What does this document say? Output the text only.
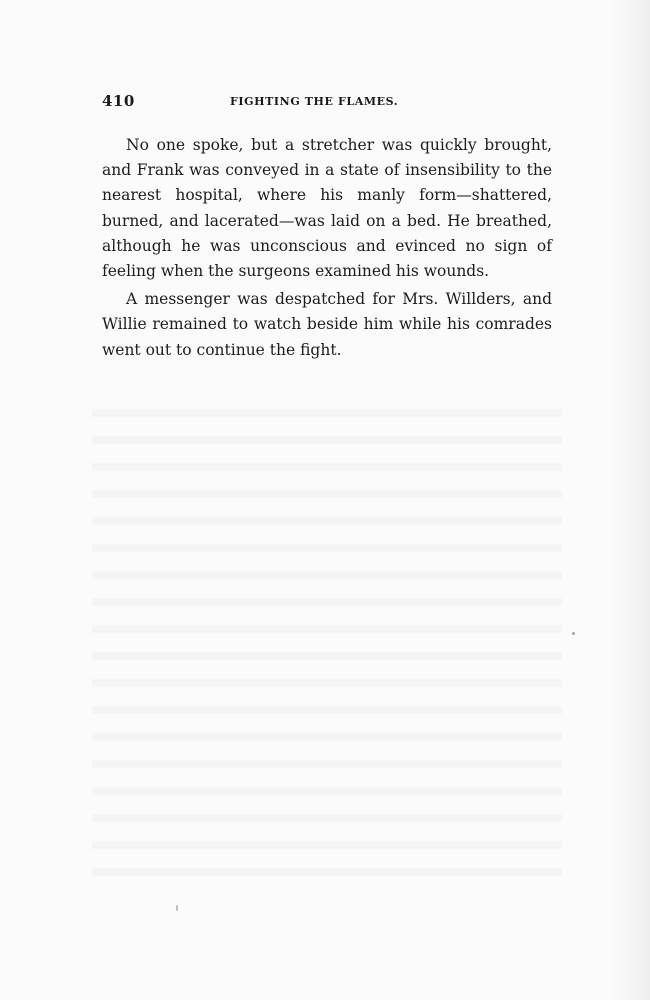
410	FIGHTING THE FLAMES.

No one spoke, but a stretcher was quickly brought, and Frank was conveyed in a state of insensibility to the nearest hospital, where his manly form—shattered, burned, and lacerated—was laid on a bed. He breathed, although he was unconscious and evinced no sign of feeling when the surgeons examined his wounds.

A messenger was despatched for Mrs. Willders, and Willie remained to watch beside him while his comrades went out to continue the fight.
